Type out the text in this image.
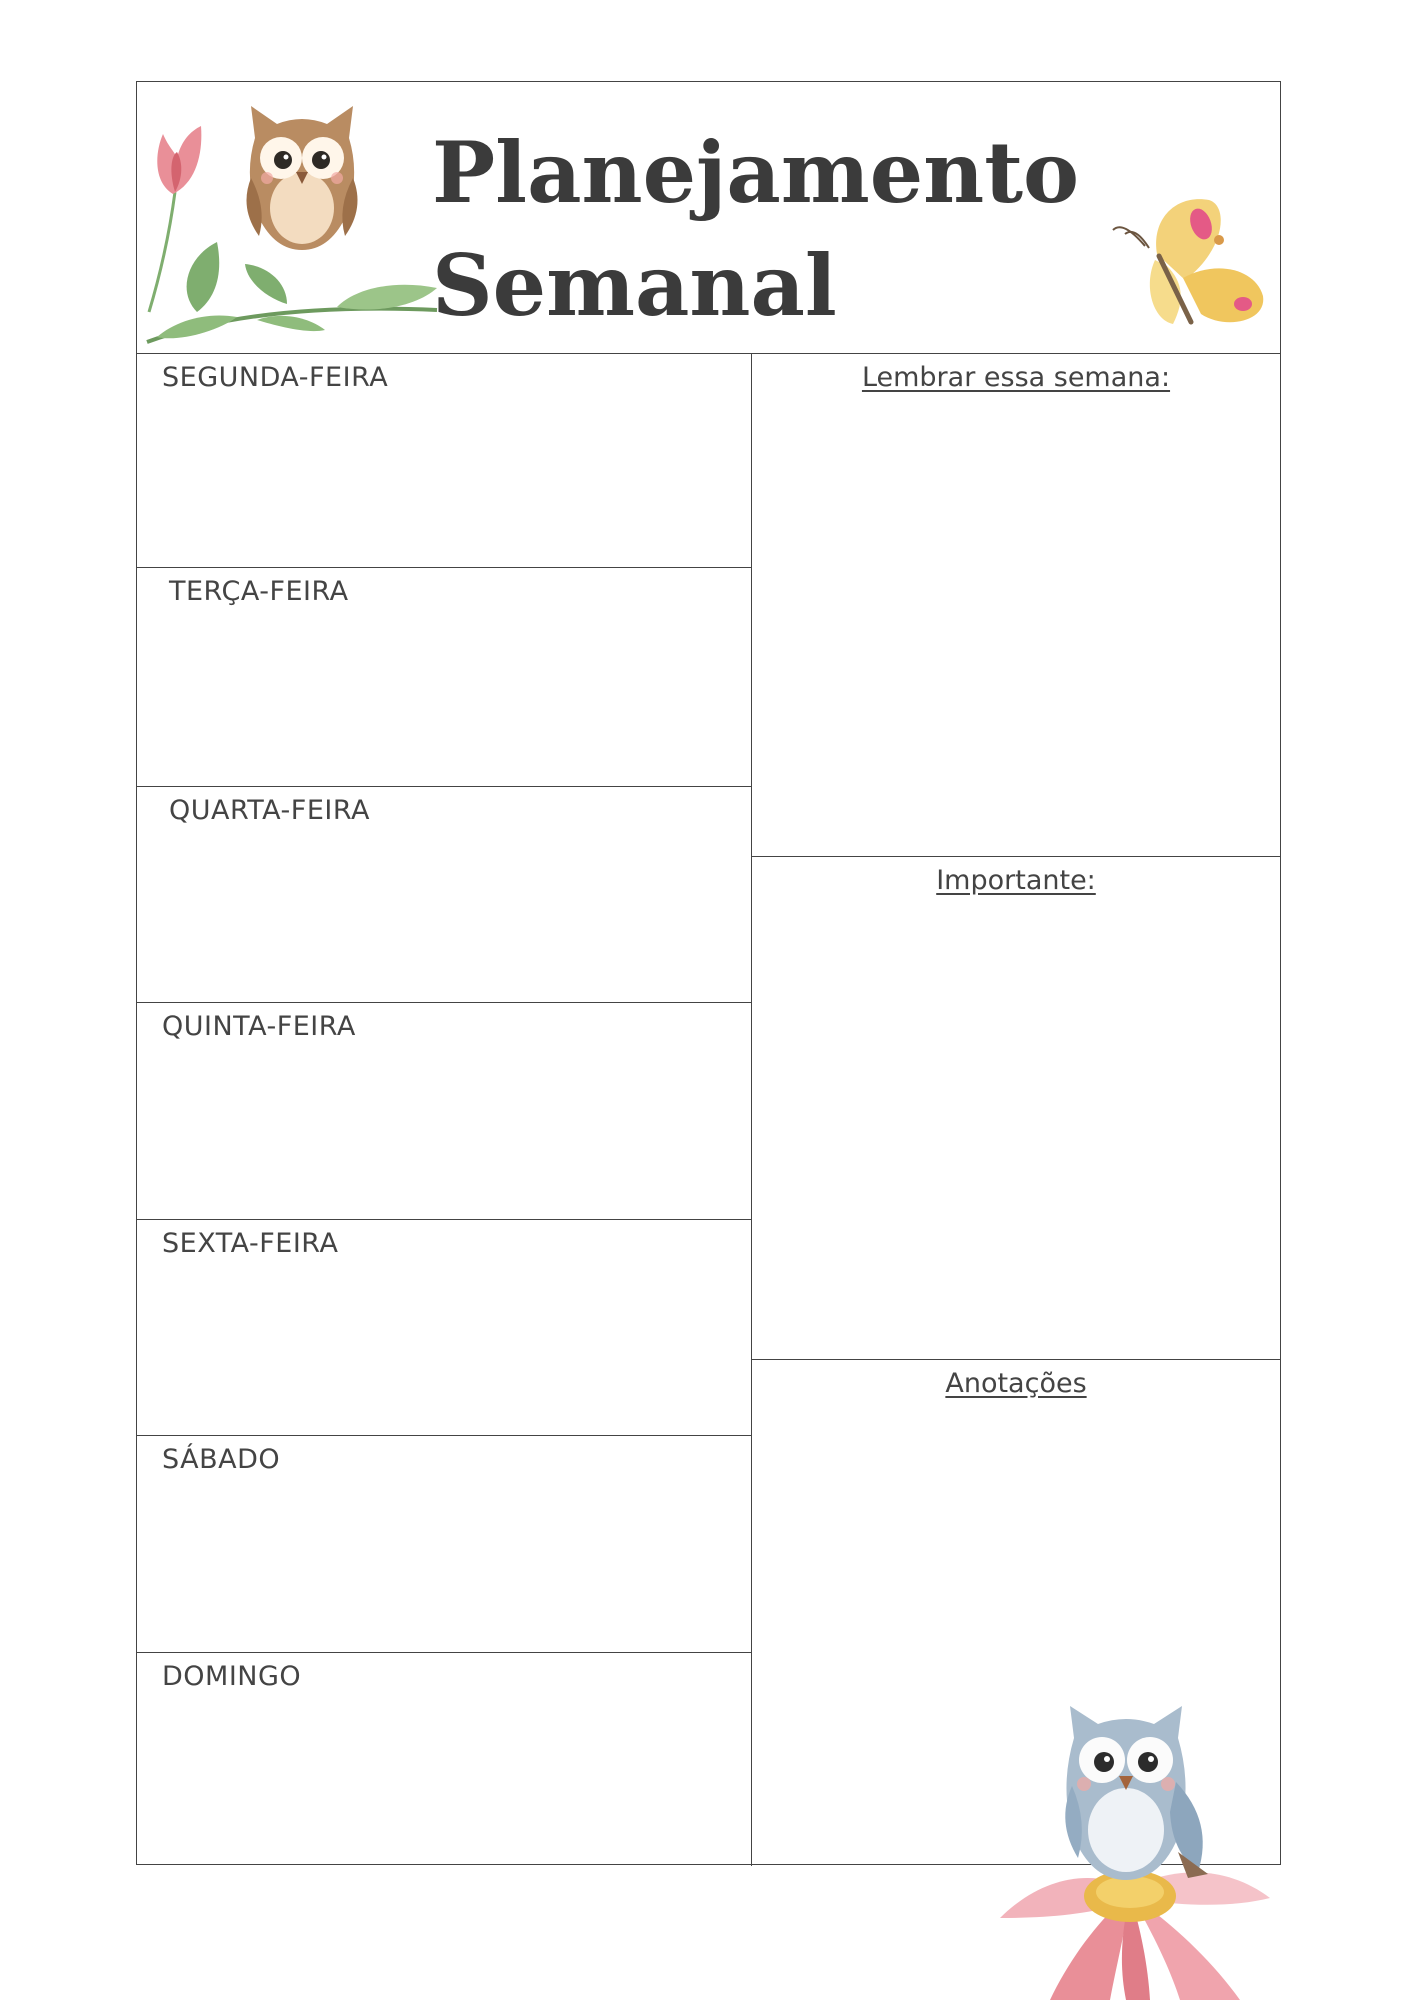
Planejamento
Semanal
SEGUNDA-FEIRA
TERÇA-FEIRA
QUARTA-FEIRA
QUINTA-FEIRA
SEXTA-FEIRA
SÁBADO
DOMINGO
Lembrar essa semana:
Importante:
Anotações
